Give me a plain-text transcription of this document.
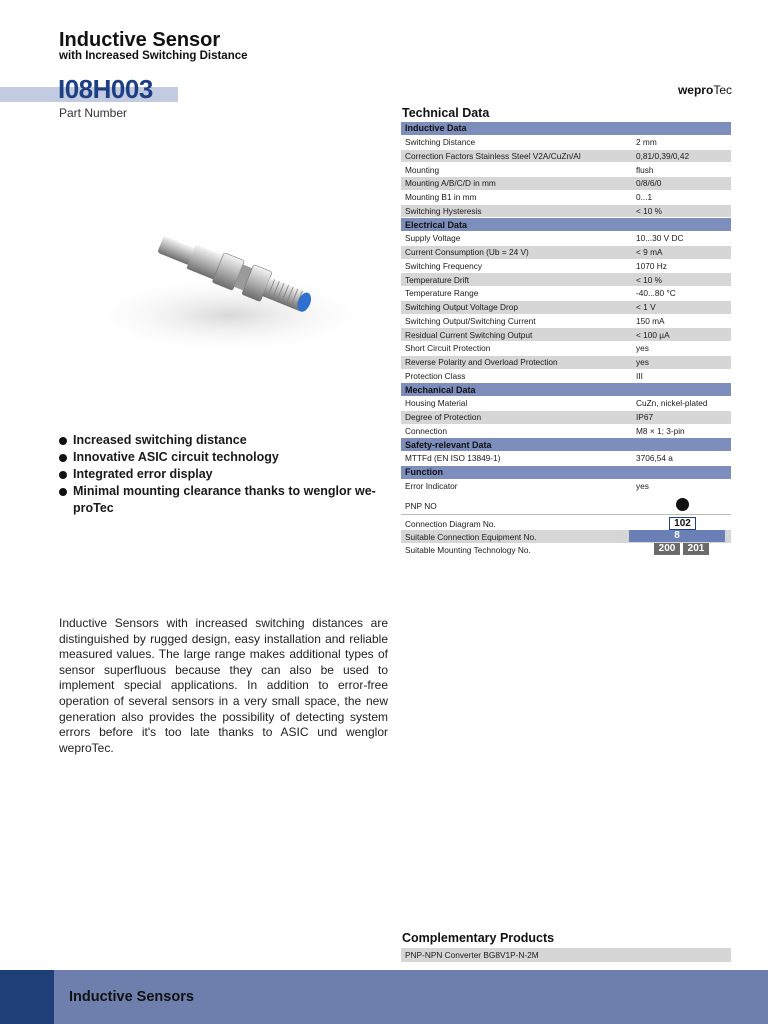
Inductive Sensor
with Increased Switching Distance
I08H003
Part Number
weproTec
Increased switching distance
Innovative ASIC circuit technology
Integrated error display
Minimal mounting clearance thanks to wenglor we-proTec
Inductive Sensors with increased switching distances are distinguished by rugged design, easy installation and reliable measured values. The large range makes additional types of sensor superfluous because they can also be used to implement special applications. In addition to error-free operation of several sensors in a very small space, the new generation also provides the possibility of detecting system errors before it's too late thanks to ASIC und wenglor weproTec.
Technical Data
Inductive Data	
Switching Distance	2 mm
Correction Factors Stainless Steel V2A/CuZn/Al	0,81/0,39/0,42
Mounting	flush
Mounting A/B/C/D in mm	0/8/6/0
Mounting B1 in mm	0...1
Switching Hysteresis	< 10 %
Electrical Data	
Supply Voltage	10...30 V DC
Current Consumption (Ub = 24 V)	< 9 mA
Switching Frequency	1070 Hz
Temperature Drift	< 10 %
Temperature Range	-40...80 °C
Switching Output Voltage Drop	< 1 V
Switching Output/Switching Current	150 mA
Residual Current Switching Output	< 100 µA
Short Circuit Protection	yes
Reverse Polarity and Overload Protection	yes
Protection Class	III
Mechanical Data	
Housing Material	CuZn, nickel-plated
Degree of Protection	IP67
Connection	M8 × 1; 3-pin
Safety-relevant Data	
MTTFd (EN ISO 13849-1)	3706,54 a
Function	
Error Indicator	yes
PNP NO
Connection Diagram No.	102
Suitable Connection Equipment No.	8
Suitable Mounting Technology No.	200	201
Complementary Products
PNP-NPN Converter BG8V1P-N-2M
Inductive Sensors
